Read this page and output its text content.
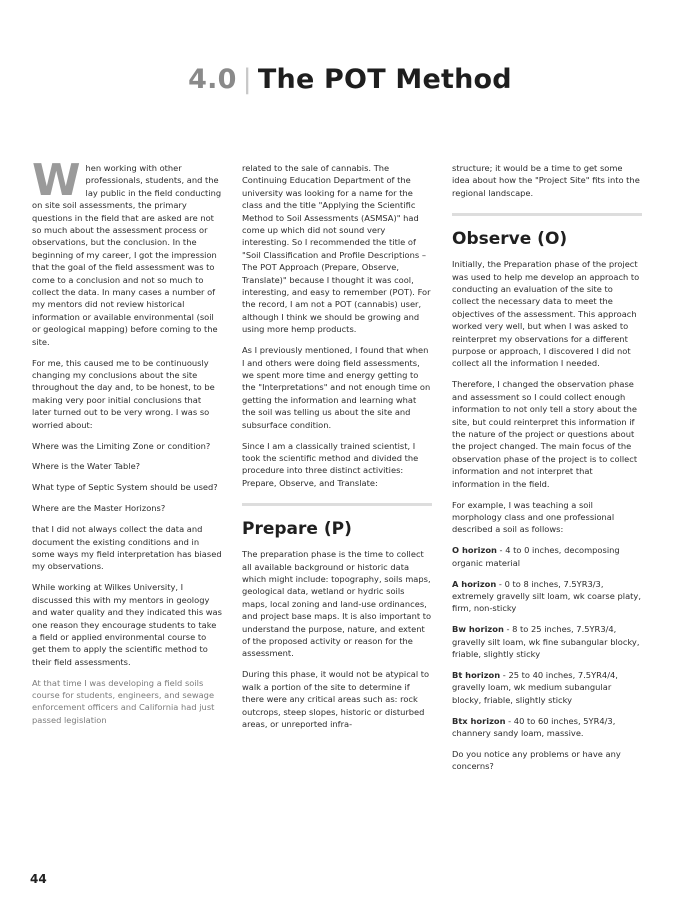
4.0 | The POT Method

When working with other professionals, students, and the lay public in the field conducting on site soil assessments, the primary questions in the field that are asked are not so much about the assessment process or observations, but the conclusion. In the beginning of my career, I got the impression that the goal of the field assessment was to come to a conclusion and not so much to collect the data. In many cases a number of my mentors did not review historical information or available environmental (soil or geological mapping) before coming to the site.

For me, this caused me to be continuously changing my conclusions about the site throughout the day and, to be honest, to be making very poor initial conclusions that later turned out to be very wrong. I was so worried about:

Where was the Limiting Zone or condition?

Where is the Water Table?

What type of Septic System should be used?

Where are the Master Horizons?

that I did not always collect the data and document the existing conditions and in some ways my field interpretation has biased my observations.

While working at Wilkes University, I discussed this with my mentors in geology and water quality and they indicated this was one reason they encourage students to take a field or applied environmental course to get them to apply the scientific method to their field assessments.

At that time I was developing a field soils course for students, engineers, and sewage enforcement officers and California had just passed legislation

related to the sale of cannabis. The Continuing Education Department of the university was looking for a name for the class and the title "Applying the Scientific Method to Soil Assessments (ASMSA)" had come up which did not sound very interesting. So I recommended the title of "Soil Classification and Profile Descriptions – The POT Approach (Prepare, Observe, Translate)" because I thought it was cool, interesting, and easy to remember (POT). For the record, I am not a POT (cannabis) user, although I think we should be growing and using more hemp products.

As I previously mentioned, I found that when I and others were doing field assessments, we spent more time and energy getting to the "Interpretations" and not enough time on getting the information and learning what the soil was telling us about the site and subsurface condition.

Since I am a classically trained scientist, I took the scientific method and divided the procedure into three distinct activities: Prepare, Observe, and Translate:

Prepare (P)

The preparation phase is the time to collect all available background or historic data which might include: topography, soils maps, geological data, wetland or hydric soils maps, local zoning and land-use ordinances, and project base maps. It is also important to understand the purpose, nature, and extent of the proposed activity or reason for the assessment.

During this phase, it would not be atypical to walk a portion of the site to determine if there were any critical areas such as: rock outcrops, steep slopes, historic or disturbed areas, or unreported infra-

structure; it would be a time to get some idea about how the "Project Site" fits into the regional landscape.

Observe (O)

Initially, the Preparation phase of the project was used to help me develop an approach to conducting an evaluation of the site to collect the necessary data to meet the objectives of the assessment. This approach worked very well, but when I was asked to reinterpret my observations for a different purpose or approach, I discovered I did not collect all the information I needed.

Therefore, I changed the observation phase and assessment so I could collect enough information to not only tell a story about the site, but could reinterpret this information if the nature of the project or questions about the project changed. The main focus of the observation phase of the project is to collect information and not interpret that information in the field.

For example, I was teaching a soil morphology class and one professional described a soil as follows:

O horizon - 4 to 0 inches, decomposing organic material

A horizon - 0 to 8 inches, 7.5YR3/3, extremely gravelly silt loam, wk coarse platy, firm, non-sticky

Bw horizon - 8 to 25 inches, 7.5YR3/4, gravelly silt loam, wk fine subangular blocky, friable, slightly sticky

Bt horizon - 25 to 40 inches, 7.5YR4/4, gravelly loam, wk medium subangular blocky, friable, slightly sticky

Btx horizon - 40 to 60 inches, 5YR4/3, channery sandy loam, massive.

Do you notice any problems or have any concerns?

44
